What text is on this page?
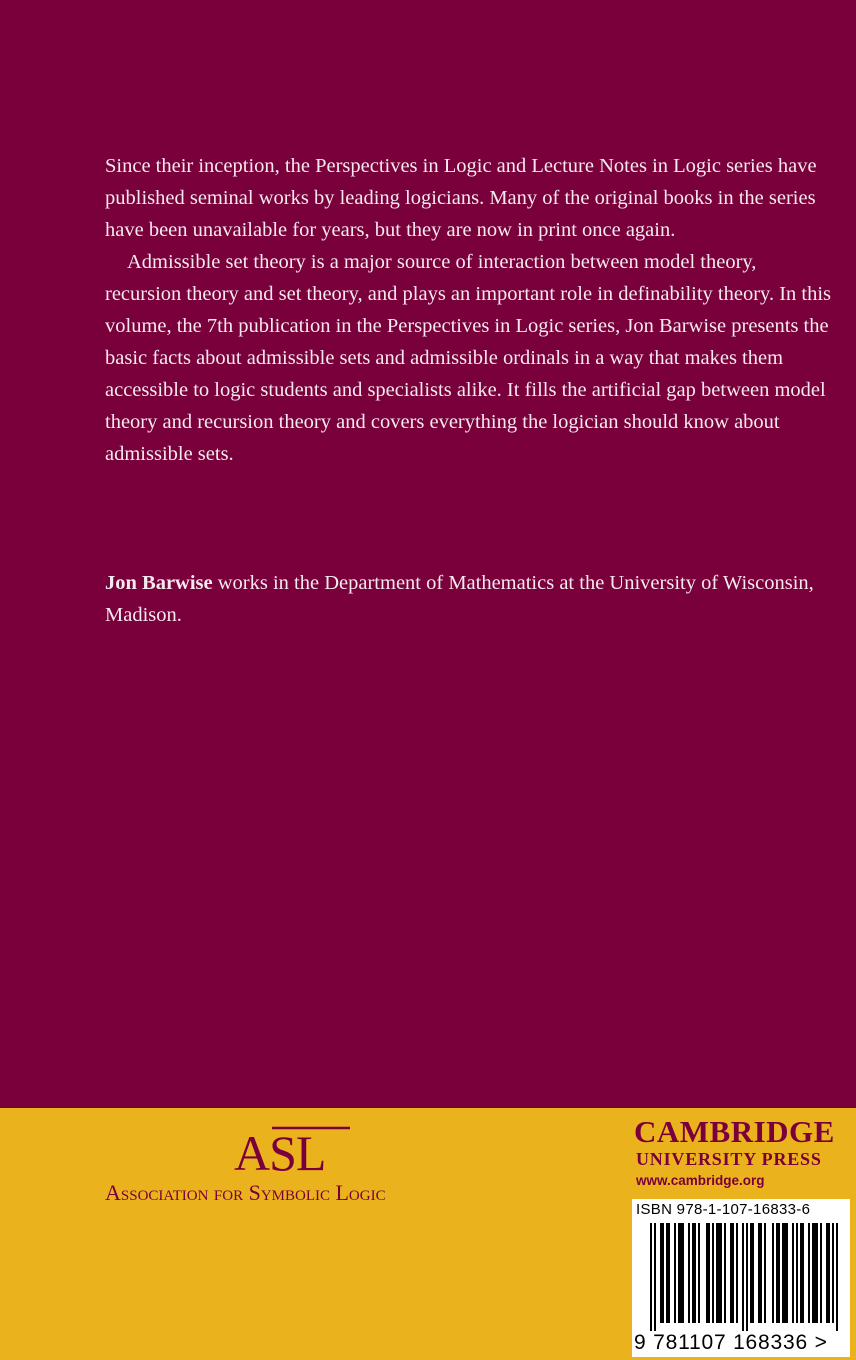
Since their inception, the Perspectives in Logic and Lecture Notes in Logic series have published seminal works by leading logicians. Many of the original books in the series have been unavailable for years, but they are now in print once again.

Admissible set theory is a major source of interaction between model theory, recursion theory and set theory, and plays an important role in definability theory. In this volume, the 7th publication in the Perspectives in Logic series, Jon Barwise presents the basic facts about admissible sets and admissible ordinals in a way that makes them accessible to logic students and specialists alike. It fills the artificial gap between model theory and recursion theory and covers everything the logician should know about admissible sets.

Jon Barwise works in the Department of Mathematics at the University of Wisconsin, Madison.
ASL
Association for Symbolic Logic
CAMBRIDGE
UNIVERSITY PRESS
www.cambridge.org
ISBN 978-1-107-16833-6
9 781107 168336 >
